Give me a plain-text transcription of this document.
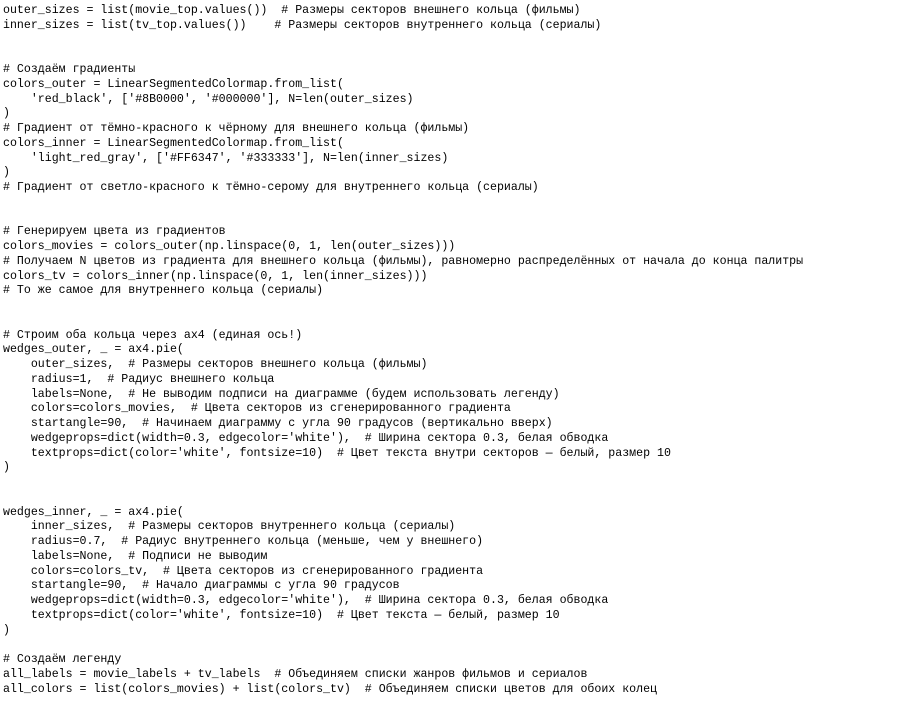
outer_sizes = list(movie_top.values())  # Размеры секторов внешнего кольца (фильмы)
inner_sizes = list(tv_top.values())    # Размеры секторов внутреннего кольца (сериалы)
# Создаём градиенты
colors_outer = LinearSegmentedColormap.from_list(
'red_black', ['#8B0000', '#000000'], N=len(outer_sizes)
)
# Градиент от тёмно-красного к чёрному для внешнего кольца (фильмы)
colors_inner = LinearSegmentedColormap.from_list(
'light_red_gray', ['#FF6347', '#333333'], N=len(inner_sizes)
)
# Градиент от светло-красного к тёмно-серому для внутреннего кольца (сериалы)
# Генерируем цвета из градиентов
colors_movies = colors_outer(np.linspace(0, 1, len(outer_sizes)))
# Получаем N цветов из градиента для внешнего кольца (фильмы), равномерно распределённых от начала до конца палитры
colors_tv = colors_inner(np.linspace(0, 1, len(inner_sizes)))
# То же самое для внутреннего кольца (сериалы)
# Строим оба кольца через ax4 (единая ось!)
wedges_outer, _ = ax4.pie(
outer_sizes,  # Размеры секторов внешнего кольца (фильмы)
radius=1,  # Радиус внешнего кольца
labels=None,  # Не выводим подписи на диаграмме (будем использовать легенду)
colors=colors_movies,  # Цвета секторов из сгенерированного градиента
startangle=90,  # Начинаем диаграмму с угла 90 градусов (вертикально вверх)
wedgeprops=dict(width=0.3, edgecolor='white'),  # Ширина сектора 0.3, белая обводка
textprops=dict(color='white', fontsize=10)  # Цвет текста внутри секторов — белый, размер 10
)
wedges_inner, _ = ax4.pie(
inner_sizes,  # Размеры секторов внутреннего кольца (сериалы)
radius=0.7,  # Радиус внутреннего кольца (меньше, чем у внешнего)
labels=None,  # Подписи не выводим
colors=colors_tv,  # Цвета секторов из сгенерированного градиента
startangle=90,  # Начало диаграммы с угла 90 градусов
wedgeprops=dict(width=0.3, edgecolor='white'),  # Ширина сектора 0.3, белая обводка
textprops=dict(color='white', fontsize=10)  # Цвет текста — белый, размер 10
)
# Создаём легенду
all_labels = movie_labels + tv_labels  # Объединяем списки жанров фильмов и сериалов
all_colors = list(colors_movies) + list(colors_tv)  # Объединяем списки цветов для обоих колец
